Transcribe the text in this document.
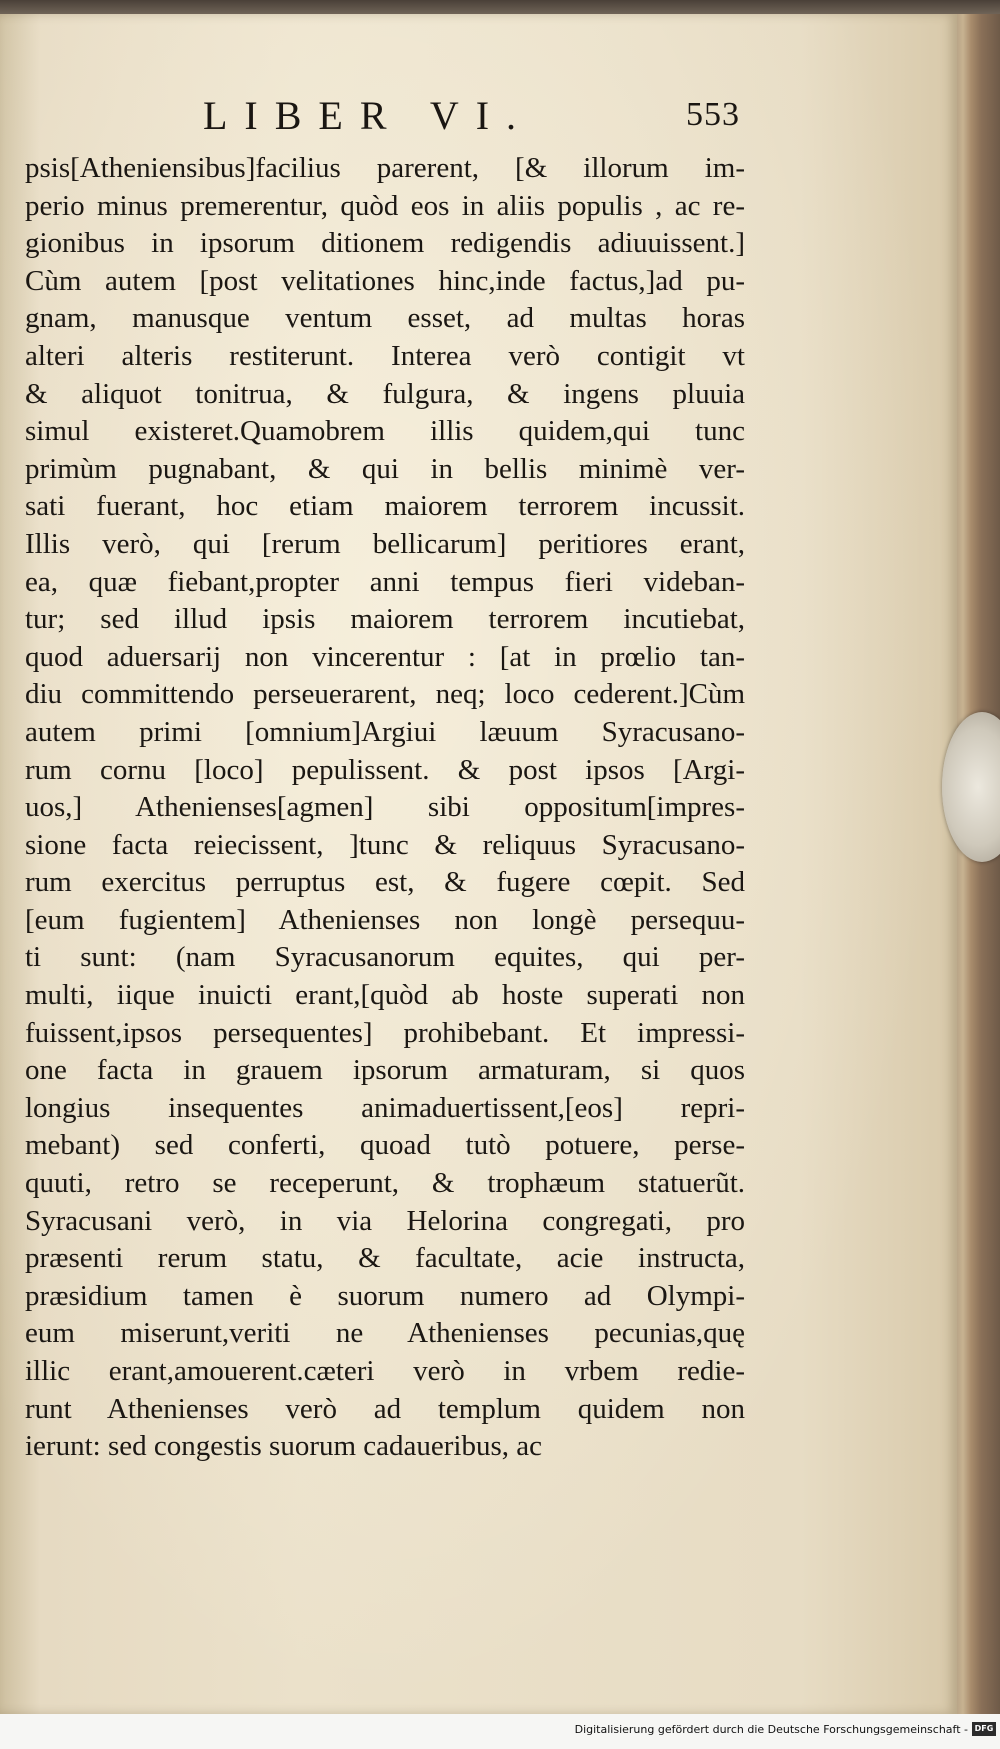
LIBER VI.	553
psis[Atheniensibus]facilius parerent, [& illorum im-
perio minus premerentur, quòd eos in aliis populis , ac re-
gionibus in ipsorum ditionem redigendis adiuuissent.]
Cùm autem [post velitationes hinc,inde factus,]ad pu-
gnam, manusque ventum esset, ad multas horas
alteri alteris restiterunt. Interea verò contigit vt
& aliquot tonitrua, & fulgura, & ingens pluuia
simul existeret.Quamobrem illis quidem,qui tunc
primùm pugnabant, & qui in bellis minimè ver-
sati fuerant, hoc etiam maiorem terrorem incussit.
Illis verò, qui [rerum bellicarum] peritiores erant,
ea, quæ fiebant,propter anni tempus fieri videban-
tur; sed illud ipsis maiorem terrorem incutiebat,
quod aduersarij non vincerentur : [at in prœlio tan-
diu committendo perseuerarent, neq; loco cederent.]Cùm
autem primi [omnium]Argiui læuum Syracusano-
rum cornu [loco] pepulissent. & post ipsos [Argi-
uos,] Athenienses[agmen] sibi oppositum[impres-
sione facta reiecissent, ]tunc & reliquus Syracusano-
rum exercitus perruptus est, & fugere cœpit. Sed
[eum fugientem] Athenienses non longè persequu-
ti sunt: (nam Syracusanorum equites, qui per-
multi, iique inuicti erant,[quòd ab hoste superati non
fuissent,ipsos persequentes] prohibebant. Et impressi-
one facta in grauem ipsorum armaturam, si quos
longius insequentes animaduertissent,[eos] repri-
mebant) sed conferti, quoad tutò potuere, perse-
quuti, retro se receperunt, & trophæum statuerũt.
Syracusani verò, in via Helorina congregati, pro
præsenti rerum statu, & facultate, acie instructa,
præsidium tamen è suorum numero ad Olympi-
eum miserunt,veriti ne Athenienses pecunias,quę
illic erant,amouerent.cæteri verò in vrbem redie-
runt Athenienses verò ad templum quidem non
ierunt: sed congestis suorum cadaueribus, ac
Digitalisierung gefördert durch die Deutsche Forschungsgemeinschaft - DFG
